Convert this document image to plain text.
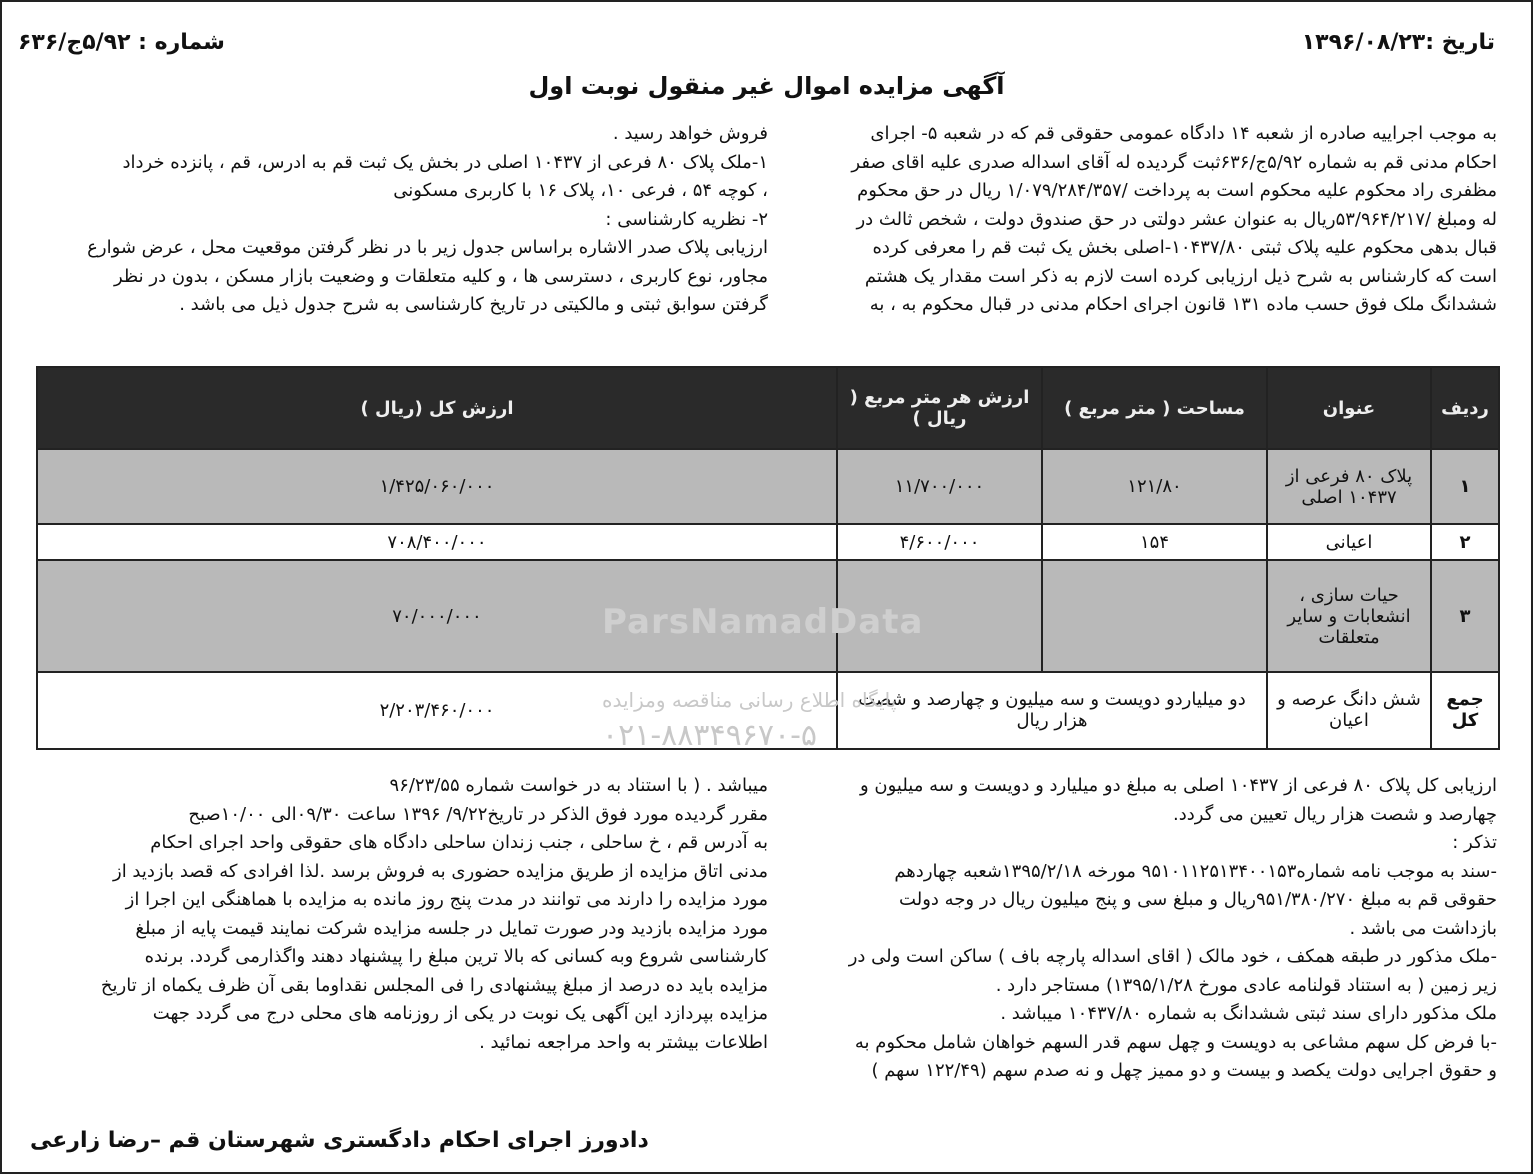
تاریخ :۱۳۹۶/۰۸/۲۳
شماره : ۵/۹۲ج/۶۳۶
آگهی مزایده اموال غیر منقول نوبت اول

به موجب اجراییه صادره از شعبه ۱۴ دادگاه عمومی حقوقی قم که در شعبه ۵- اجرای

احکام مدنی قم به شماره ۵/۹۲ج/۶۳۶ثبت گردیده له آقای اسداله صدری علیه اقای صفر

مظفری راد محکوم علیه محکوم است به پرداخت /۱/۰۷۹/۲۸۴/۳۵۷ ریال در حق محکوم

له ومبلغ /۵۳/۹۶۴/۲۱۷ریال به عنوان عشر دولتی در حق صندوق دولت ، شخص ثالث در

قبال بدهی محکوم علیه پلاک ثبتی ۱۰۴۳۷/۸۰-اصلی بخش یک ثبت قم را معرفی کرده

است که کارشناس به شرح ذیل ارزیابی کرده است لازم به ذکر است مقدار یک هشتم

ششدانگ ملک فوق حسب ماده ۱۳۱ قانون اجرای احکام مدنی در قبال محکوم به ، به

فروش خواهد رسید .

۱-ملک پلاک ۸۰ فرعی از ۱۰۴۳۷ اصلی در بخش یک ثبت قم به ادرس، قم ، پانزده خرداد

، کوچه ۵۴ ، فرعی ۱۰، پلاک ۱۶ با کاربری مسکونی

۲- نظریه کارشناسی :

ارزیابی پلاک صدر الاشاره براساس جدول زیر با در نظر گرفتن موقعیت محل ، عرض شوارع

مجاور، نوع کاربری ، دسترسی ها ، و کلیه متعلقات و وضعیت بازار مسکن ، بدون در نظر

گرفتن سوابق ثبتی و مالکیتی در تاریخ کارشناسی به شرح جدول ذیل می باشد .

ردیف	عنوان	مساحت ( متر مربع )	ارزش هر متر مربع ( ریال )	ارزش کل (ریال )
۱	پلاک ۸۰ فرعی از ۱۰۴۳۷ اصلی	۱۲۱/۸۰	۱۱/۷۰۰/۰۰۰	۱/۴۲۵/۰۶۰/۰۰۰
۲	اعیانی	۱۵۴	۴/۶۰۰/۰۰۰	۷۰۸/۴۰۰/۰۰۰
۳	حیات سازی ، انشعابات و سایر متعلقات			۷۰/۰۰۰/۰۰۰
جمع کل	شش دانگ عرصه و اعیان	دو میلیاردو دویست و سه میلیون و چهارصد و شصت هزار ریال		۲/۲۰۳/۴۶۰/۰۰۰

ارزیابی کل پلاک ۸۰ فرعی از ۱۰۴۳۷ اصلی به مبلغ دو میلیارد و دویست و سه میلیون و

چهارصد و شصت هزار ریال تعیین می گردد.

تذکر :

-سند به موجب نامه شماره۹۵۱۰۱۱۲۵۱۳۴۰۰۱۵۳ مورخه ۱۳۹۵/۲/۱۸شعبه چهاردهم

حقوقی قم به مبلغ ۹۵۱/۳۸۰/۲۷۰ریال و مبلغ سی و پنج میلیون ریال در وجه دولت

بازداشت می باشد .

-ملک مذکور در طبقه همکف ، خود مالک ( اقای اسداله پارچه باف ) ساکن است ولی در

زیر زمین ( به استناد قولنامه عادی مورخ ۱۳۹۵/۱/۲۸) مستاجر دارد .

ملک مذکور دارای سند ثبتی ششدانگ به شماره ۱۰۴۳۷/۸۰ میباشد .

-با فرض کل سهم مشاعی به دویست و چهل سهم قدر السهم خواهان شامل محکوم به

و حقوق اجرایی دولت یکصد و بیست و دو ممیز چهل و نه صدم سهم (۱۲۲/۴۹ سهم )

میباشد . ( با استناد به در خواست شماره ۹۶/۲۳/۵۵

مقرر گردیده مورد فوق الذکر در تاریخ۹/۲۲/ ۱۳۹۶ ساعت ۰۹/۳۰الی ۱۰/۰۰صبح

به آدرس قم ، خ ساحلی ، جنب زندان ساحلی دادگاه های حقوقی واحد اجرای احکام

مدنی اتاق مزایده از طریق مزایده حضوری به فروش برسد .لذا افرادی که قصد بازدید از

مورد مزایده را دارند می توانند در مدت پنج روز مانده به مزایده با هماهنگی این اجرا از

مورد مزایده بازدید ودر صورت تمایل در جلسه مزایده شرکت نمایند قیمت پایه از مبلغ

کارشناسی شروع وبه کسانی که بالا ترین مبلغ را پیشنهاد دهند واگذارمی گردد. برنده

مزایده باید ده درصد از مبلغ پیشنهادی را فی المجلس نقداوما بقی آن ظرف یکماه از تاریخ

مزایده بپردازد این آگهی یک نوبت در یکی از روزنامه های محلی درج می گردد جهت

اطلاعات بیشتر به واحد مراجعه نمائید .

دادورز اجرای احکام دادگستری شهرستان قم –رضا زارعی
ParsNamadData
پایگاه اطلاع رسانی مناقصه ومزایده
۰۲۱-۸۸۳۴۹۶۷۰-۵
